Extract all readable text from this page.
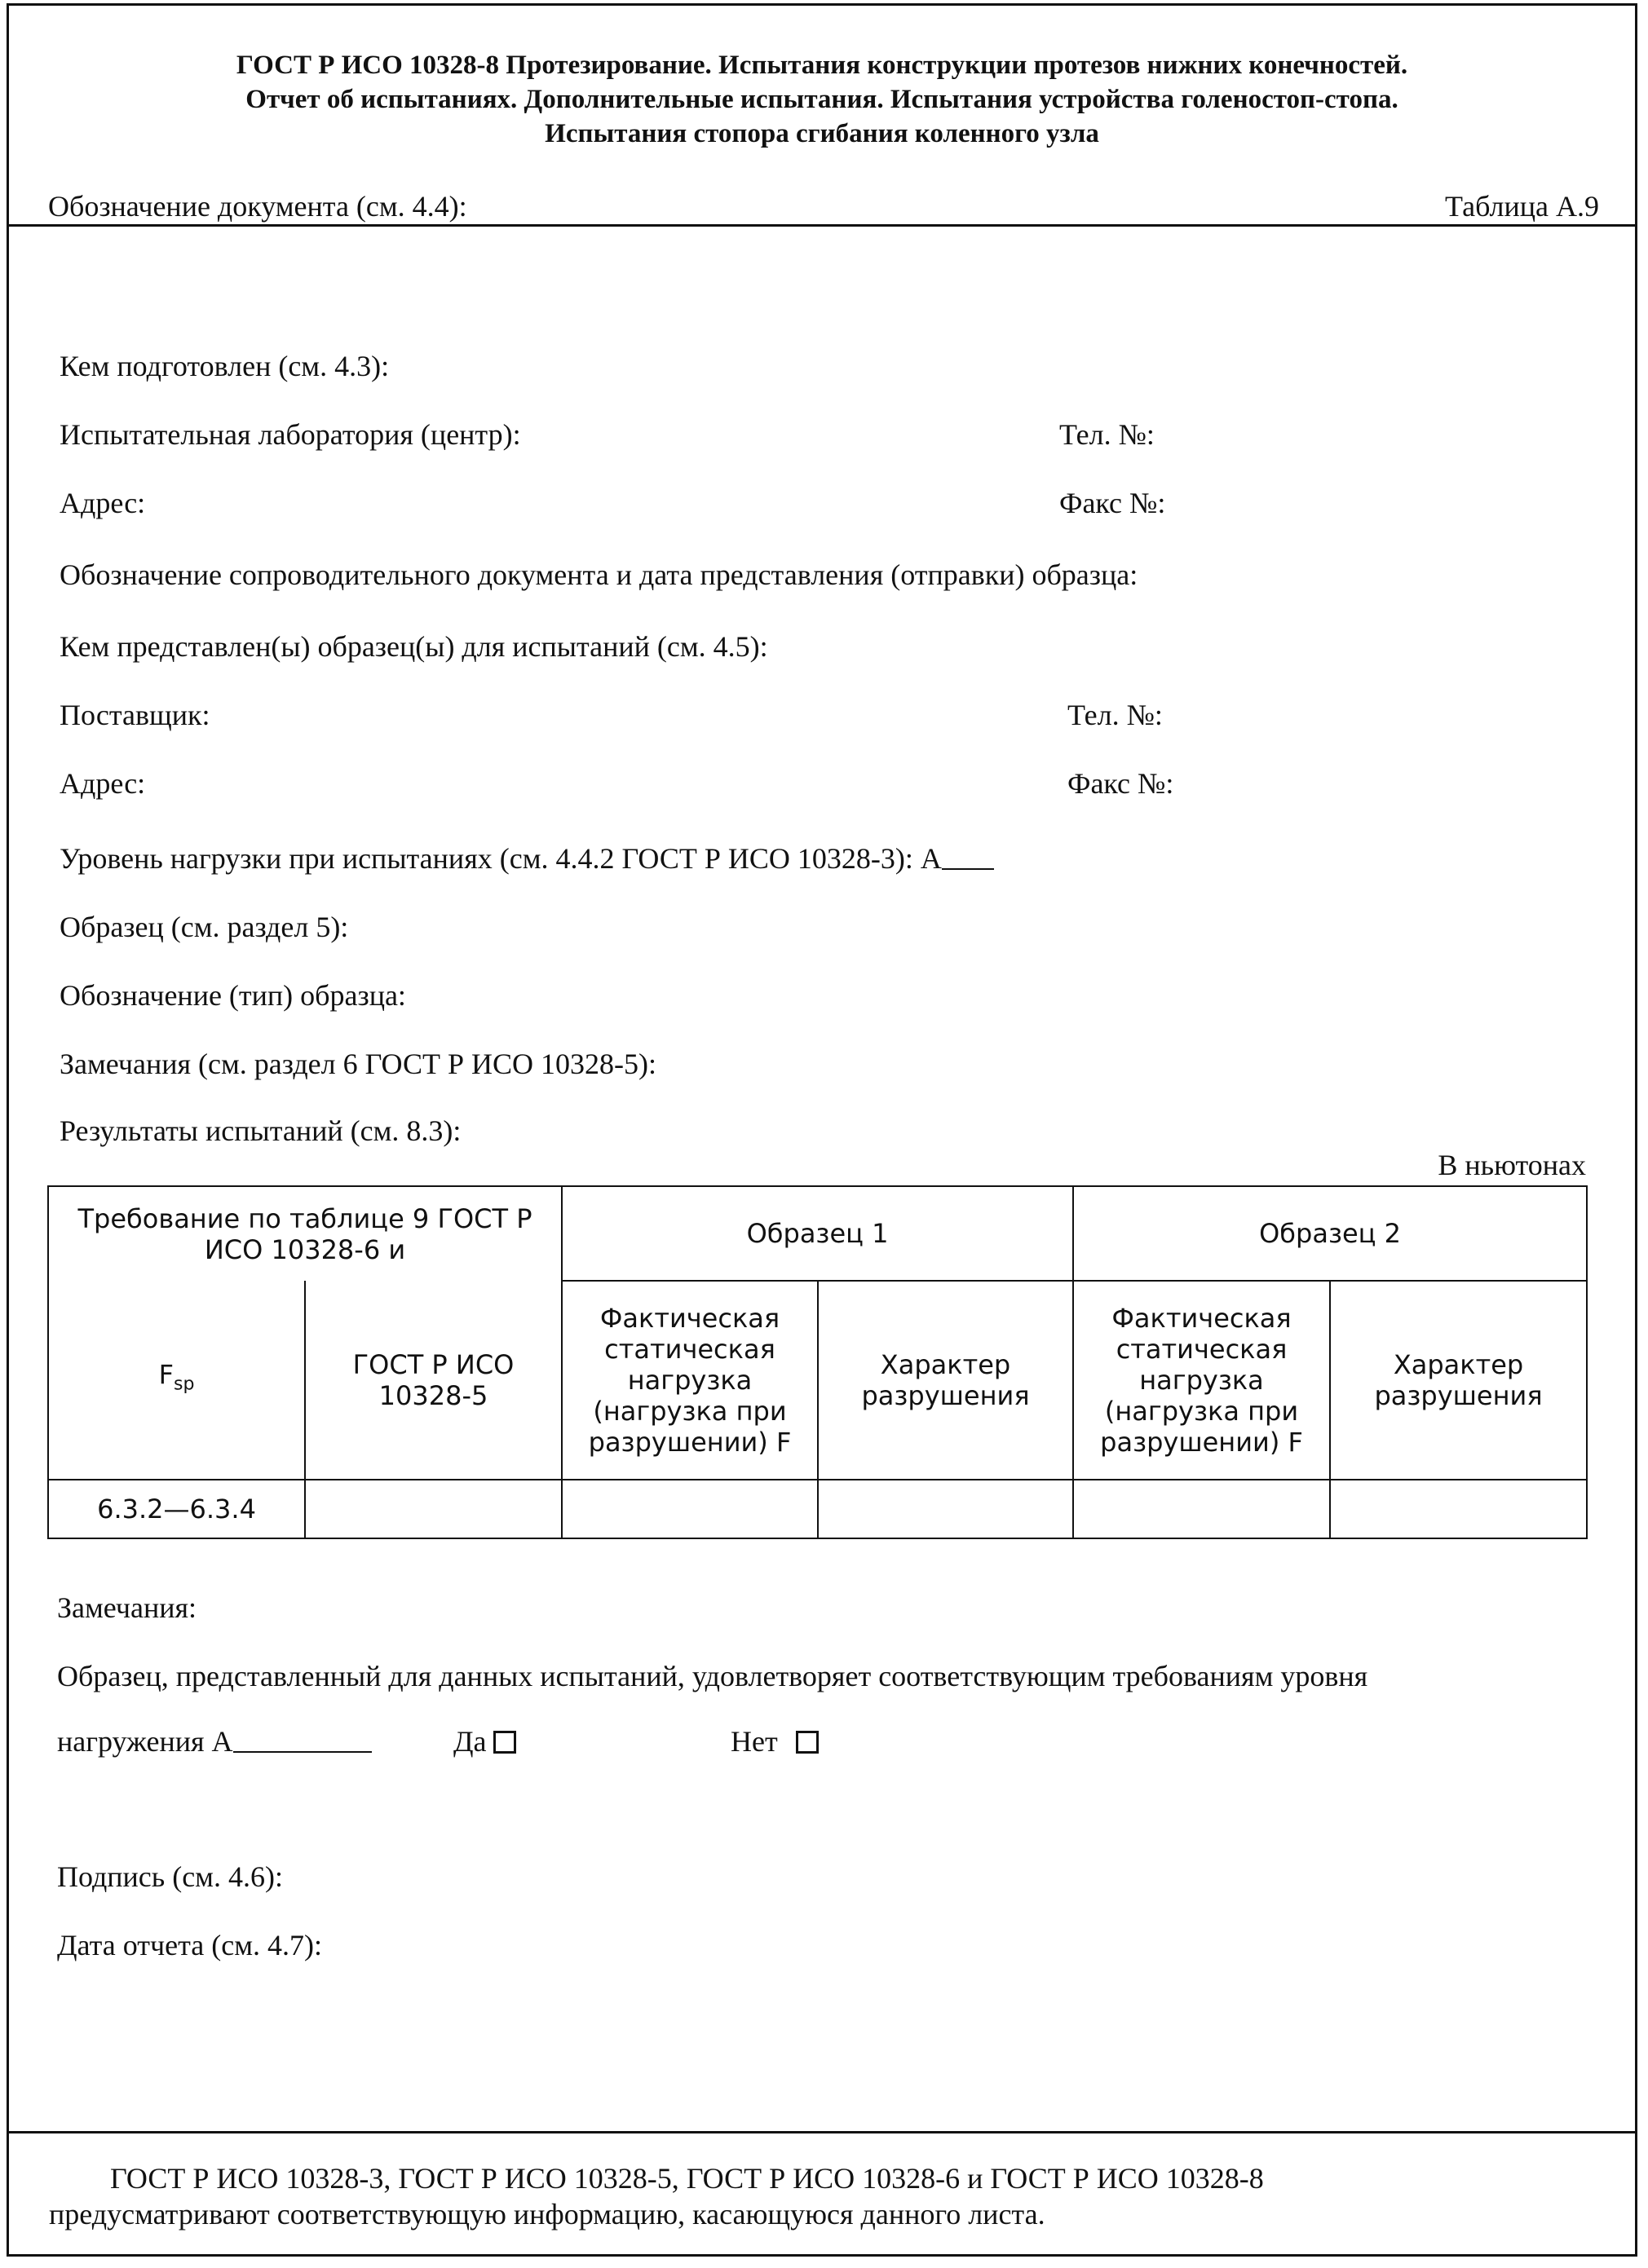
ГОСТ Р ИСО 10328-8 Протезирование. Испытания конструкции протезов нижних конечностей.
Отчет об испытаниях. Дополнительные испытания. Испытания устройства голеностоп-стопа.
Испытания стопора сгибания коленного узла
Обозначение документа (см. 4.4):	Таблица А.9
Кем подготовлен (см. 4.3):
Испытательная лаборатория (центр):	Тел. №:
Адрес:	Факс №:
Обозначение сопроводительного документа и дата представления (отправки) образца:
Кем представлен(ы) образец(ы) для испытаний (см. 4.5):
Поставщик:	Тел. №:
Адрес:	Факс №:
Уровень нагрузки при испытаниях (см. 4.4.2 ГОСТ Р ИСО 10328-3): А
Образец (см. раздел 5):
Обозначение (тип) образца:
Замечания (см. раздел 6 ГОСТ Р ИСО 10328-5):
Результаты испытаний (см. 8.3):
В ньютонах
Требование по таблице 9 ГОСТ Р ИСО 10328-6 и		Образец 1		Образец 2	
$F_{sp}$	ГОСТ Р ИСО 10328-5	Фактическая статическая нагрузка (нагрузка при разрушении) F	Характер разрушения	Фактическая статическая нагрузка (нагрузка при разрушении) F	Характер разрушения
6.3.2—6.3.4					
Замечания:
Образец, представленный для данных испытаний, удовлетворяет соответствующим требованиям уровня
нагружения А	Да	Нет
Подпись (см. 4.6):
Дата отчета (см. 4.7):
ГОСТ Р ИСО 10328-3, ГОСТ Р ИСО 10328-5, ГОСТ Р ИСО 10328-6 и ГОСТ Р ИСО 10328-8
предусматривают соответствующую информацию, касающуюся данного листа.
